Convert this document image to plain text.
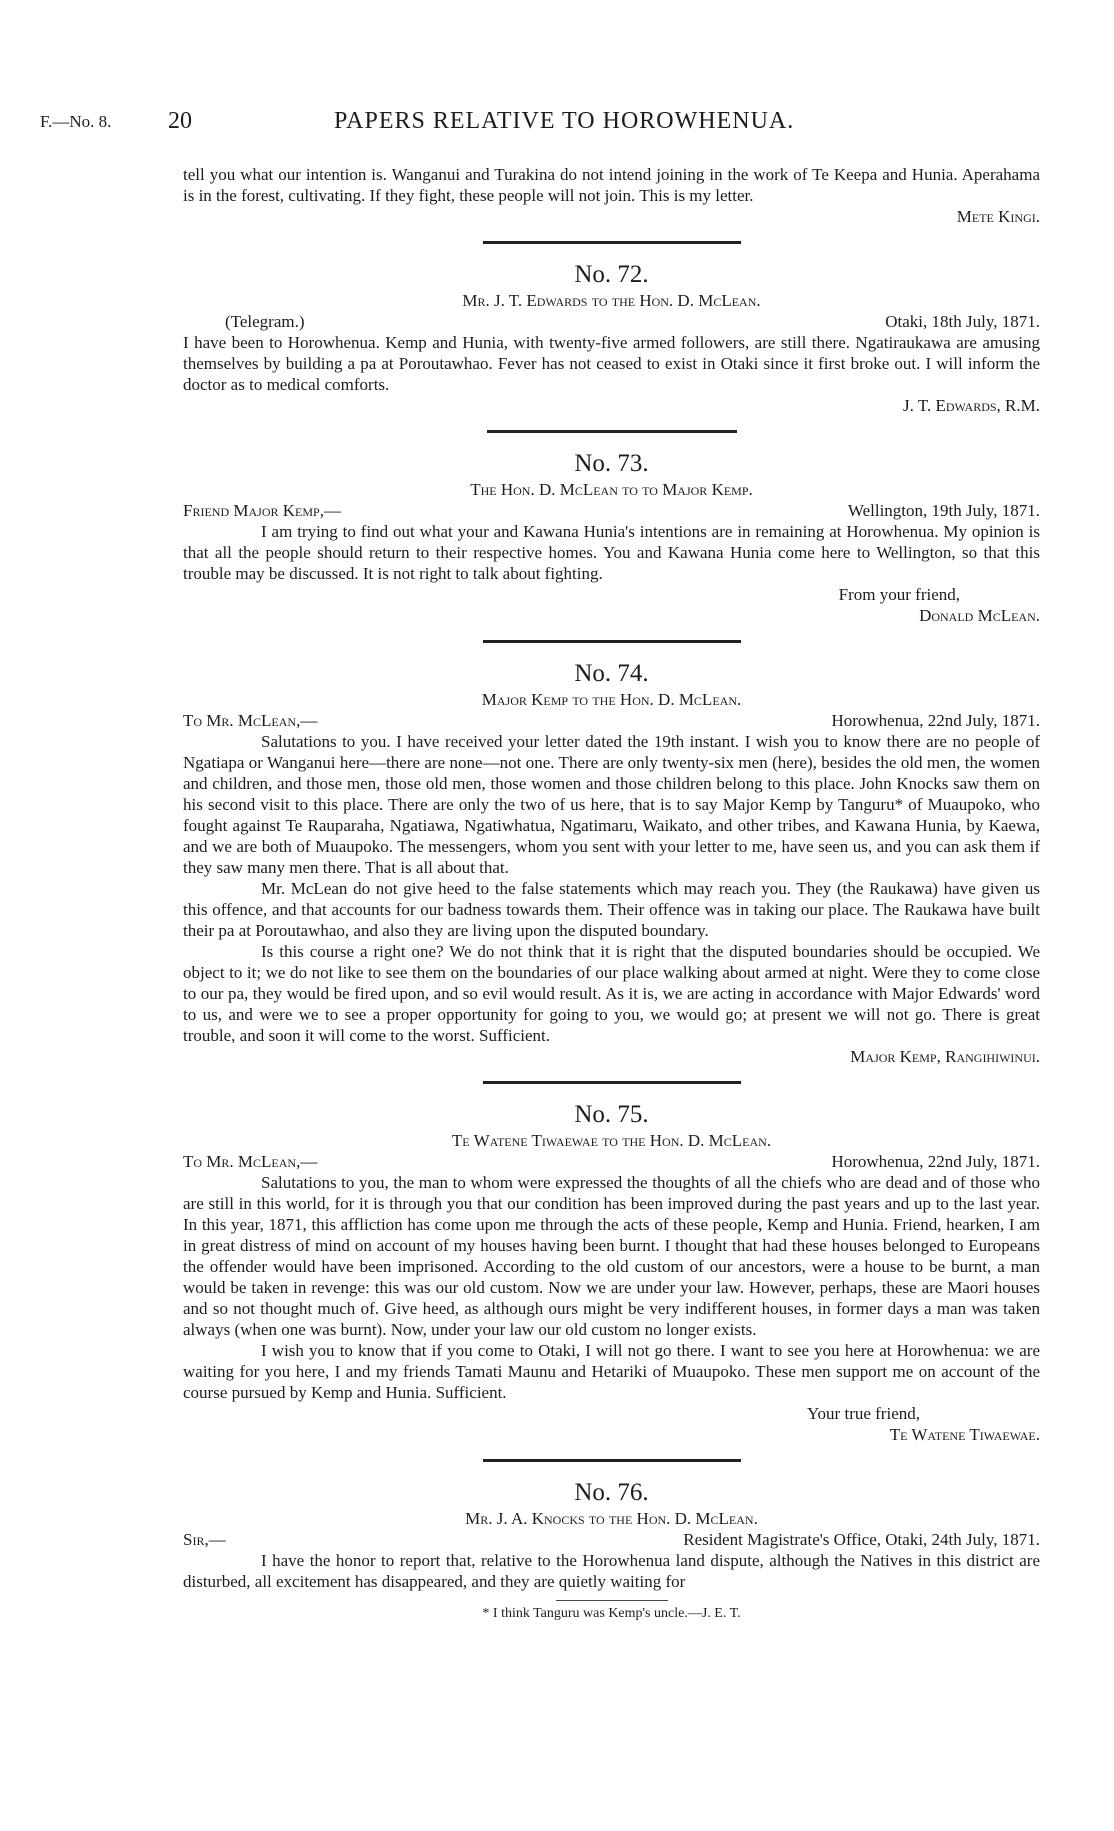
F.—No. 8. 20	PAPERS RELATIVE TO HOROWHENUA.

tell you what our intention is. Wanganui and Turakina do not intend joining in the work of Te Keepa and Hunia. Aperahama is in the forest, cultivating. If they fight, these people will not join. This is my letter.

Mete Kingi.

No. 72.
Mr. J. T. Edwards to the Hon. D. McLean.
(Telegram.)	Otaki, 18th July, 1871.

I have been to Horowhenua. Kemp and Hunia, with twenty-five armed followers, are still there. Ngatiraukawa are amusing themselves by building a pa at Poroutawhao. Fever has not ceased to exist in Otaki since it first broke out. I will inform the doctor as to medical comforts.

J. T. Edwards, R.M.

No. 73.
The Hon. D. McLean to to Major Kemp.
Friend Major Kemp,—	Wellington, 19th July, 1871.

I am trying to find out what your and Kawana Hunia's intentions are in remaining at Horowhenua. My opinion is that all the people should return to their respective homes. You and Kawana Hunia come here to Wellington, so that this trouble may be discussed. It is not right to talk about fighting.

From your friend,

Donald McLean.

No. 74.
Major Kemp to the Hon. D. McLean.
To Mr. McLean,—	Horowhenua, 22nd July, 1871.

Salutations to you. I have received your letter dated the 19th instant. I wish you to know there are no people of Ngatiapa or Wanganui here—there are none—not one. There are only twenty-six men (here), besides the old men, the women and children, and those men, those old men, those women and those children belong to this place. John Knocks saw them on his second visit to this place. There are only the two of us here, that is to say Major Kemp by Tanguru* of Muaupoko, who fought against Te Rauparaha, Ngatiawa, Ngatiwhatua, Ngatimaru, Waikato, and other tribes, and Kawana Hunia, by Kaewa, and we are both of Muaupoko. The messengers, whom you sent with your letter to me, have seen us, and you can ask them if they saw many men there. That is all about that.

Mr. McLean do not give heed to the false statements which may reach you. They (the Raukawa) have given us this offence, and that accounts for our badness towards them. Their offence was in taking our place. The Raukawa have built their pa at Poroutawhao, and also they are living upon the disputed boundary.

Is this course a right one? We do not think that it is right that the disputed boundaries should be occupied. We object to it; we do not like to see them on the boundaries of our place walking about armed at night. Were they to come close to our pa, they would be fired upon, and so evil would result. As it is, we are acting in accordance with Major Edwards' word to us, and were we to see a proper opportunity for going to you, we would go; at present we will not go. There is great trouble, and soon it will come to the worst. Sufficient.

Major Kemp, Rangihiwinui.

No. 75.
Te Watene Tiwaewae to the Hon. D. McLean.
To Mr. McLean,—	Horowhenua, 22nd July, 1871.

Salutations to you, the man to whom were expressed the thoughts of all the chiefs who are dead and of those who are still in this world, for it is through you that our condition has been improved during the past years and up to the last year. In this year, 1871, this affliction has come upon me through the acts of these people, Kemp and Hunia. Friend, hearken, I am in great distress of mind on account of my houses having been burnt. I thought that had these houses belonged to Europeans the offender would have been imprisoned. According to the old custom of our ancestors, were a house to be burnt, a man would be taken in revenge: this was our old custom. Now we are under your law. However, perhaps, these are Maori houses and so not thought much of. Give heed, as although ours might be very indifferent houses, in former days a man was taken always (when one was burnt). Now, under your law our old custom no longer exists.

I wish you to know that if you come to Otaki, I will not go there. I want to see you here at Horowhenua: we are waiting for you here, I and my friends Tamati Maunu and Hetariki of Muaupoko. These men support me on account of the course pursued by Kemp and Hunia. Sufficient.

Your true friend,

Te Watene Tiwaewae.

No. 76.
Mr. J. A. Knocks to the Hon. D. McLean.
Sir,—	Resident Magistrate's Office, Otaki, 24th July, 1871.

I have the honor to report that, relative to the Horowhenua land dispute, although the Natives in this district are disturbed, all excitement has disappeared, and they are quietly waiting for

* I think Tanguru was Kemp's uncle.—J. E. T.
